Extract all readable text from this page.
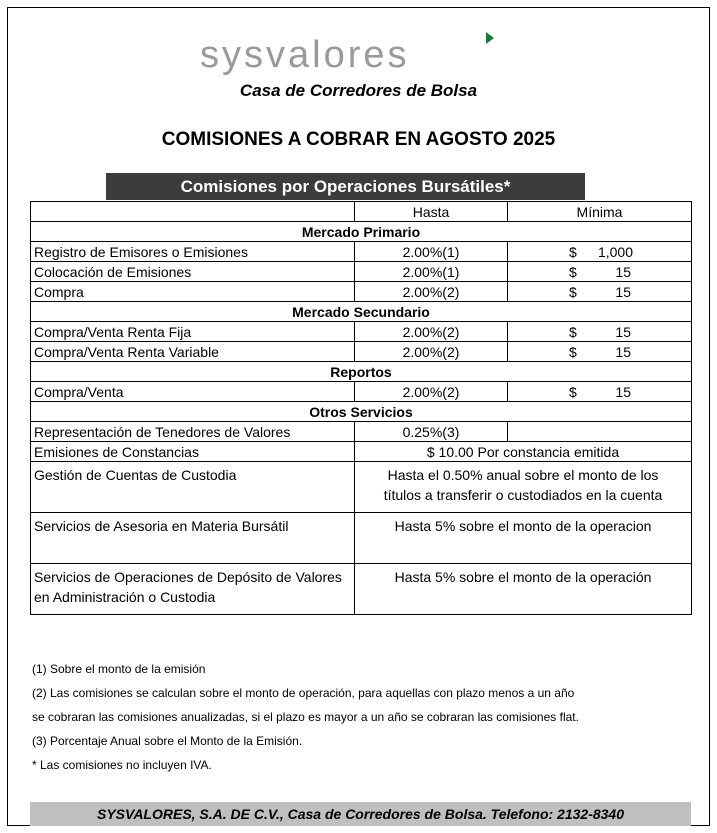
sysvalores
Casa de Corredores de Bolsa
COMISIONES A COBRAR EN AGOSTO 2025
Comisiones por Operaciones Bursátiles*
	Hasta	Mínima
Mercado Primario		
Registro de Emisores o Emisiones	2.00%(1)	$ 1,000

Colocación de Emisiones	2.00%(1)	$ 15

Compra	2.00%(2)	$ 15

Mercado Secundario		
Compra/Venta Renta Fija	2.00%(2)	$ 15

Compra/Venta Renta Variable	2.00%(2)	$ 15

Reportos		
Compra/Venta	2.00%(2)	$ 15

Otros Servicios		
Representación de Tenedores de Valores	0.25%(3)	
Emisiones de Constancias	$ 10.00 Por constancia emitida	
Gestión de Cuentas de Custodia	Hasta el 0.50% anual sobre el monto de los títulos a transferir o custodiados en la cuenta	
Servicios de Asesoria en Materia Bursátil	Hasta 5% sobre el monto de la operacion	
Servicios de Operaciones de Depósito de Valores en Administración o Custodia	Hasta 5% sobre el monto de la operación	
(1) Sobre el monto de la emisión
(2) Las comisiones se calculan sobre el monto de operación, para aquellas con plazo menos a un año
se cobraran las comisiones anualizadas, si el plazo es mayor a un año se cobraran las comisiones flat.
(3) Porcentaje Anual sobre el Monto de la Emisión.
* Las comisiones no incluyen IVA.
SYSVALORES, S.A. DE C.V., Casa de Corredores de Bolsa. Telefono: 2132-8340
